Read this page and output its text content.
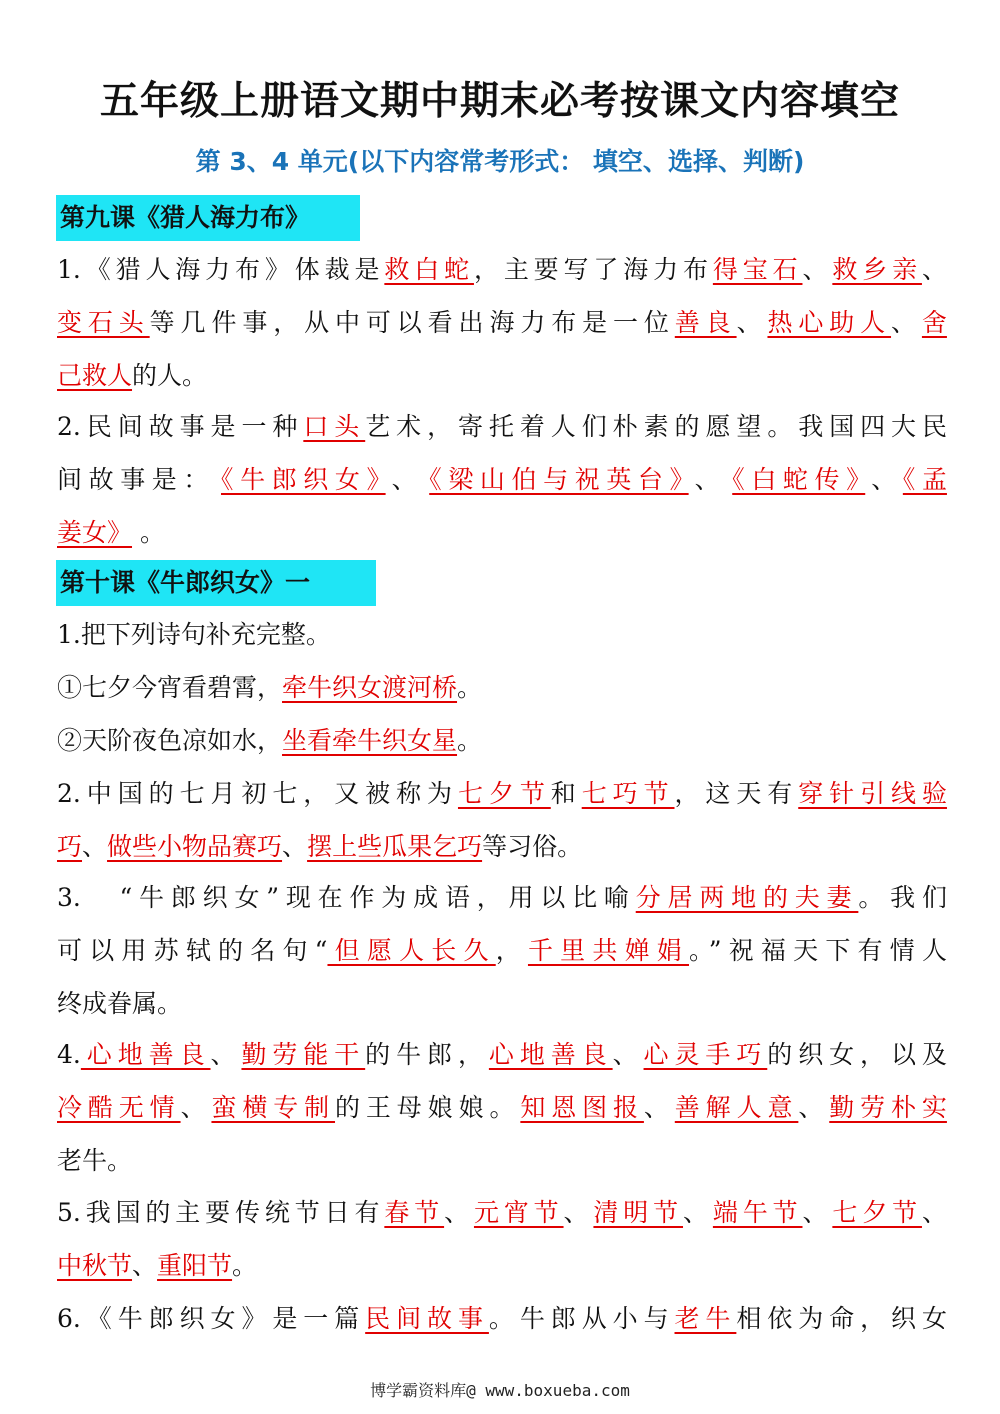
五年级上册语文期中期末必考按课文内容填空
第 3、4 单元(以下内容常考形式： 填空、选择、判断)
第九课《猎人海力布》
1.《猎人海力布》体裁是救白蛇，主要写了海力布得宝石、救乡亲、
变石头等几件事，从中可以看出海力布是一位善良、热心助人、舍
己救人的人。
2.民间故事是一种口头艺术，寄托着人们朴素的愿望。我国四大民
间故事是： 《牛郎织女》 、 《梁山伯与祝英台》 、 《白蛇传》 、《孟
姜女》 。
第十课《牛郎织女》一
1.把下列诗句补充完整。
①七夕今宵看碧霄，牵牛织女渡河桥。
②天阶夜色凉如水，坐看牵牛织女星。
2.中国的七月初七，又被称为七夕节和七巧节，这天有穿针引线验
巧、做些小物品赛巧、摆上些瓜果乞巧等习俗。
3.　“牛郎织女”现在作为成语，用以比喻分居两地的夫妻。我们
可以用苏轼的名句“但愿人长久，千里共婵娟。”祝福天下有情人
终成眷属。
4.心地善良、勤劳能干的牛郎，心地善良、心灵手巧的织女，以及
冷酷无情、蛮横专制的王母娘娘。知恩图报、善解人意、勤劳朴实
老牛。
5.我国的主要传统节日有春节、元宵节、清明节、端午节、七夕节、
中秋节、重阳节。
6.《牛郎织女》是一篇民间故事。牛郎从小与老牛相依为命，织女
博学霸资料库@ www.boxueba.com
